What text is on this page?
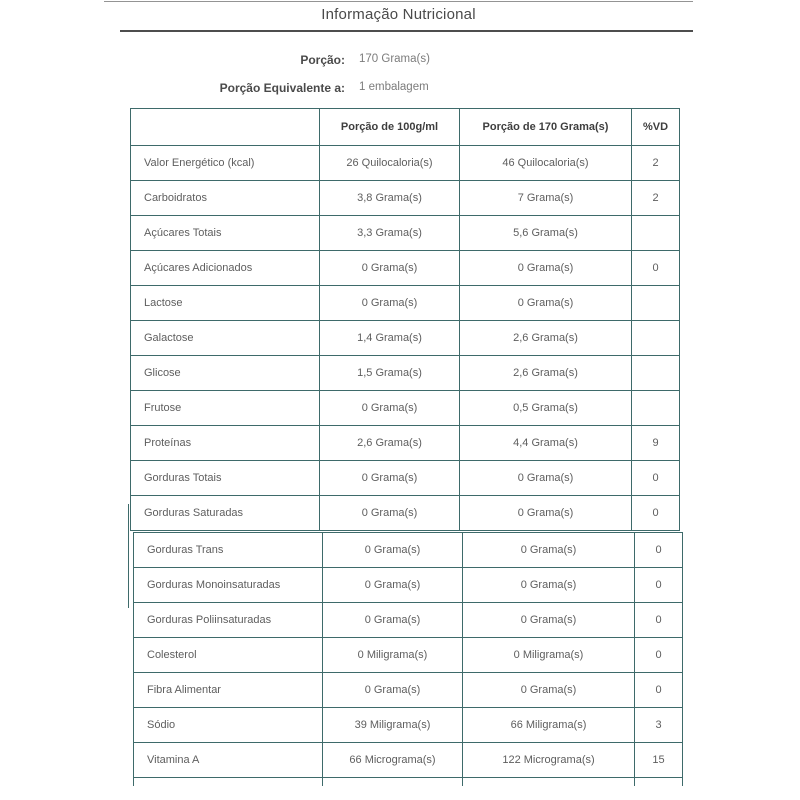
Informação Nutricional
Porção: 170 Grama(s)
Porção Equivalente a: 1 embalagem
	Porção de 100g/ml	Porção de 170 Grama(s)	%VD
Valor Energético (kcal)	26 Quilocaloria(s)	46 Quilocaloria(s)	2
Carboidratos	3,8 Grama(s)	7 Grama(s)	2
Açúcares Totais	3,3 Grama(s)	5,6 Grama(s)	
Açúcares Adicionados	0 Grama(s)	0 Grama(s)	0
Lactose	0 Grama(s)	0 Grama(s)	
Galactose	1,4 Grama(s)	2,6 Grama(s)	
Glicose	1,5 Grama(s)	2,6 Grama(s)	
Frutose	0 Grama(s)	0,5 Grama(s)	
Proteínas	2,6 Grama(s)	4,4 Grama(s)	9
Gorduras Totais	0 Grama(s)	0 Grama(s)	0
Gorduras Saturadas	0 Grama(s)	0 Grama(s)	0
Gorduras Trans	0 Grama(s)	0 Grama(s)	0
Gorduras Monoinsaturadas	0 Grama(s)	0 Grama(s)	0
Gorduras Poliinsaturadas	0 Grama(s)	0 Grama(s)	0
Colesterol	0 Miligrama(s)	0 Miligrama(s)	0
Fibra Alimentar	0 Grama(s)	0 Grama(s)	0
Sódio	39 Miligrama(s)	66 Miligrama(s)	3
Vitamina A	66 Micrograma(s)	122 Micrograma(s)	15
